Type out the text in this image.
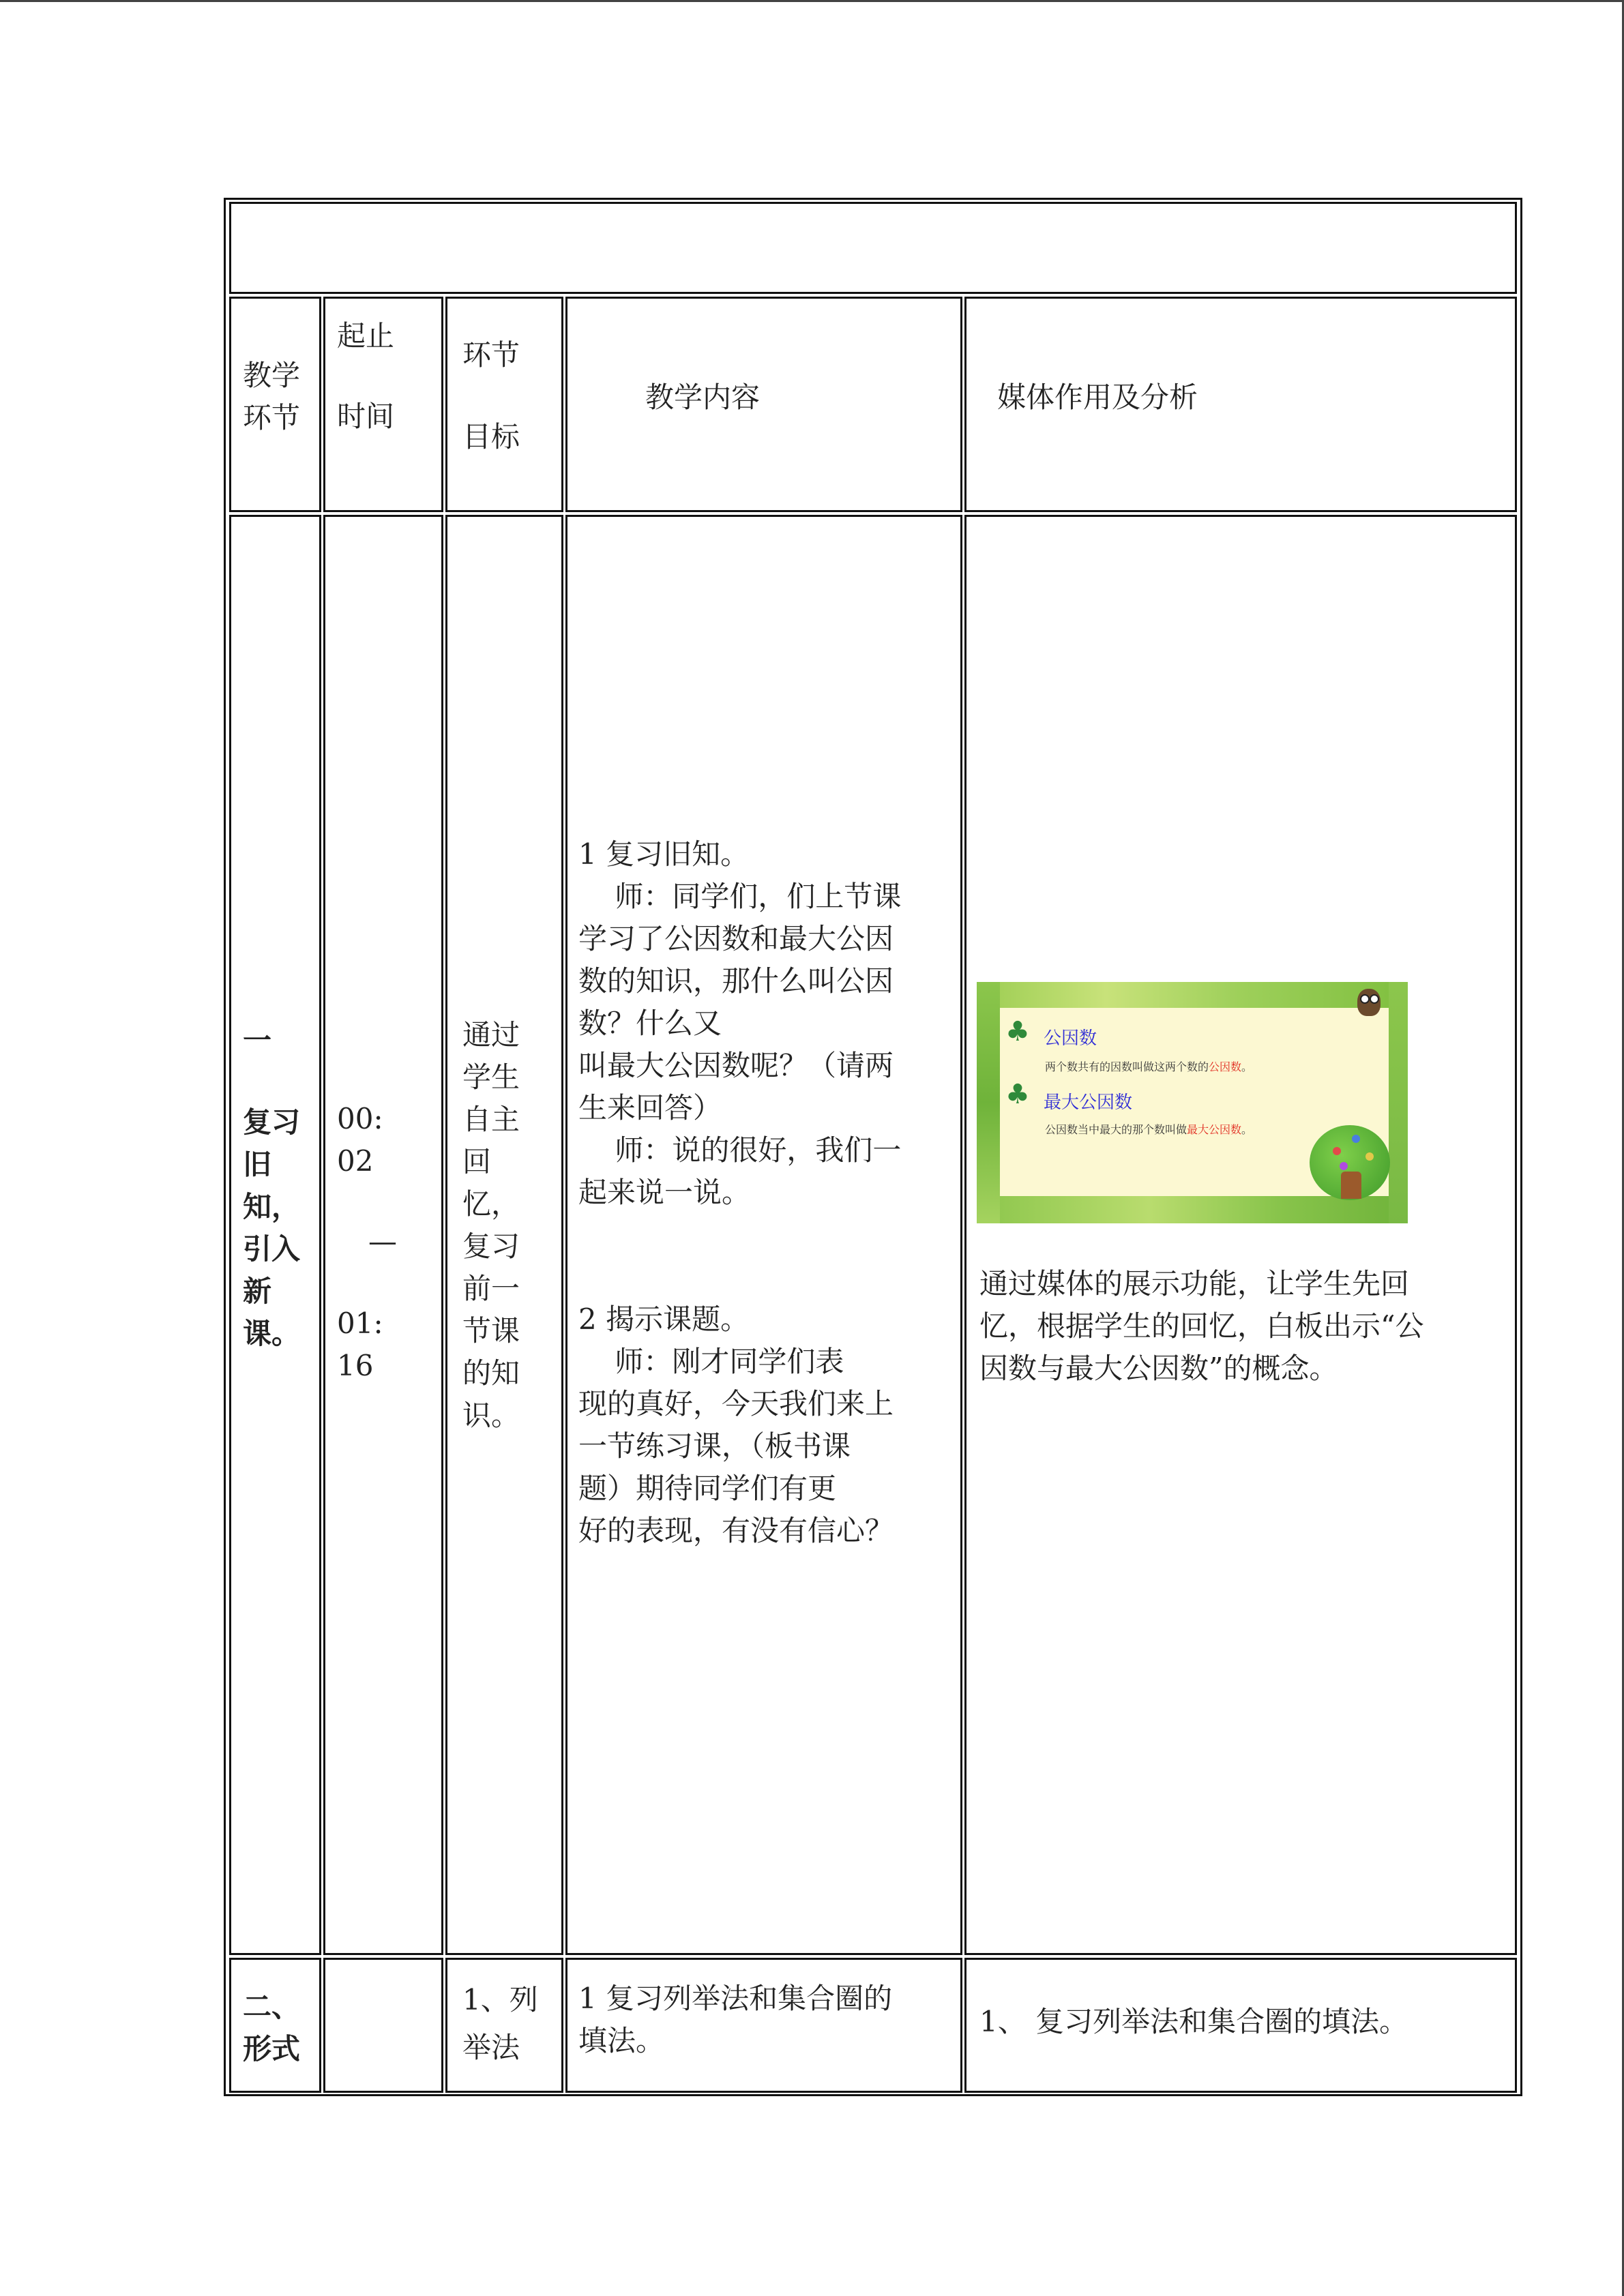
教学
环节
起止
时间
环节
目标
教学内容	媒体作用及分析
一
复习
旧
知，
引入
新
课。
00:
02
—
01:
16
通过
学生
自主
回
忆，
复习
前一
节课
的知
识。
1 复习旧知。
师：同学们，们上节课
学习了公因数和最大公因
数的知识，那什么叫公因
数？什么又
叫最大公因数呢？（请两
生来回答）
师：说的很好，我们一
起来说一说。
2 揭示课题。
师：刚才同学们表
现的真好，今天我们来上
一节练习课，（板书课
题）期待同学们有更
好的表现，有没有信心？
♣ 公因数
两个数共有的因数叫做这两个数的公因数。
♣ 最大公因数
公因数当中最大的那个数叫做最大公因数。
通过媒体的展示功能，让学生先回
忆，根据学生的回忆，白板出示“公
因数与最大公因数”的概念。
二、
形式
1、列
举法
1 复习列举法和集合圈的
填法。
1、 复习列举法和集合圈的填法。
